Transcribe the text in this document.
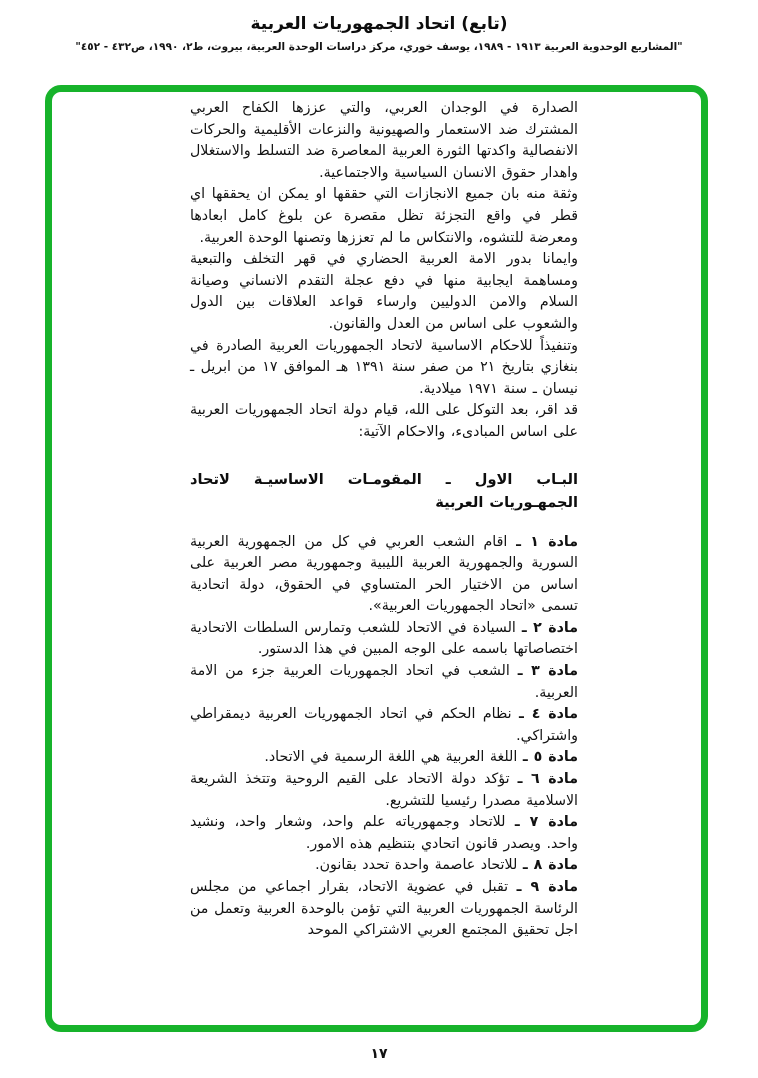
(تابع) اتحاد الجمهوريات العربية
"المشاريع الوحدوية العربية ١٩١٣ - ١٩٨٩، يوسف خوري، مركز دراسات الوحدة العربية، بيروت، ط٢، ١٩٩٠، ص٤٣٢ - ٤٥٢"

الصدارة في الوجدان العربي، والتي عززها الكفاح العربي المشترك ضد الاستعمار والصهيونية والنزعات الأقليمية والحركات الانفصالية واكدتها الثورة العربية المعاصرة ضد التسلط والاستغلال واهدار حقوق الانسان السياسية والاجتماعية.

وثقة منه بان جميع الانجازات التي حققها او يمكن ان يحققها اي قطر في واقع التجزئة تظل مقصرة عن بلوغ كامل ابعادها ومعرضة للتشوه، والانتكاس ما لم تعززها وتصنها الوحدة العربية.

وايمانا بدور الامة العربية الحضاري في قهر التخلف والتبعية ومساهمة ايجابية منها في دفع عجلة التقدم الانساني وصيانة السلام والامن الدوليين وارساء قواعد العلاقات بين الدول والشعوب على اساس من العدل والقانون.

وتنفيذاً للاحكام الاساسية لاتحاد الجمهوريات العربية الصادرة في بنغازي بتاريخ ٢١ من صفر سنة ١٣٩١ هـ الموافق ١٧ من ابريل ـ نيسان ـ سنة ١٩٧١ ميلادية.

قد اقر، بعد التوكل على الله، قيام دولة اتحاد الجمهوريات العربية على اساس المبادىء، والاحكام الآتية:

البـاب الاول ـ المقومـات الاساسيـة لاتحاد الجمهـوريات العربية

مادة ١ ـ اقام الشعب العربي في كل من الجمهورية العربية السورية والجمهورية العربية الليبية وجمهورية مصر العربية على اساس من الاختيار الحر المتساوي في الحقوق، دولة اتحادية تسمى «اتحاد الجمهوريات العربية».

مادة ٢ ـ السيادة في الاتحاد للشعب وتمارس السلطات الاتحادية اختصاصاتها باسمه على الوجه المبين في هذا الدستور.

مادة ٣ ـ الشعب في اتحاد الجمهوريات العربية جزء من الامة العربية.

مادة ٤ ـ نظام الحكم في اتحاد الجمهوريات العربية ديمقراطي واشتراكي.

مادة ٥ ـ اللغة العربية هي اللغة الرسمية في الاتحاد.

مادة ٦ ـ تؤكد دولة الاتحاد على القيم الروحية وتتخذ الشريعة الاسلامية مصدرا رئيسيا للتشريع.

مادة ٧ ـ للاتحاد وجمهورياته علم واحد، وشعار واحد، ونشيد واحد. ويصدر قانون اتحادي بتنظيم هذه الامور.

مادة ٨ ـ للاتحاد عاصمة واحدة تحدد بقانون.

مادة ٩ ـ تقبل في عضوية الاتحاد، بقرار اجماعي من مجلس الرئاسة الجمهوريات العربية التي تؤمن بالوحدة العربية وتعمل من اجل تحقيق المجتمع العربي الاشتراكي الموحد

١٧
